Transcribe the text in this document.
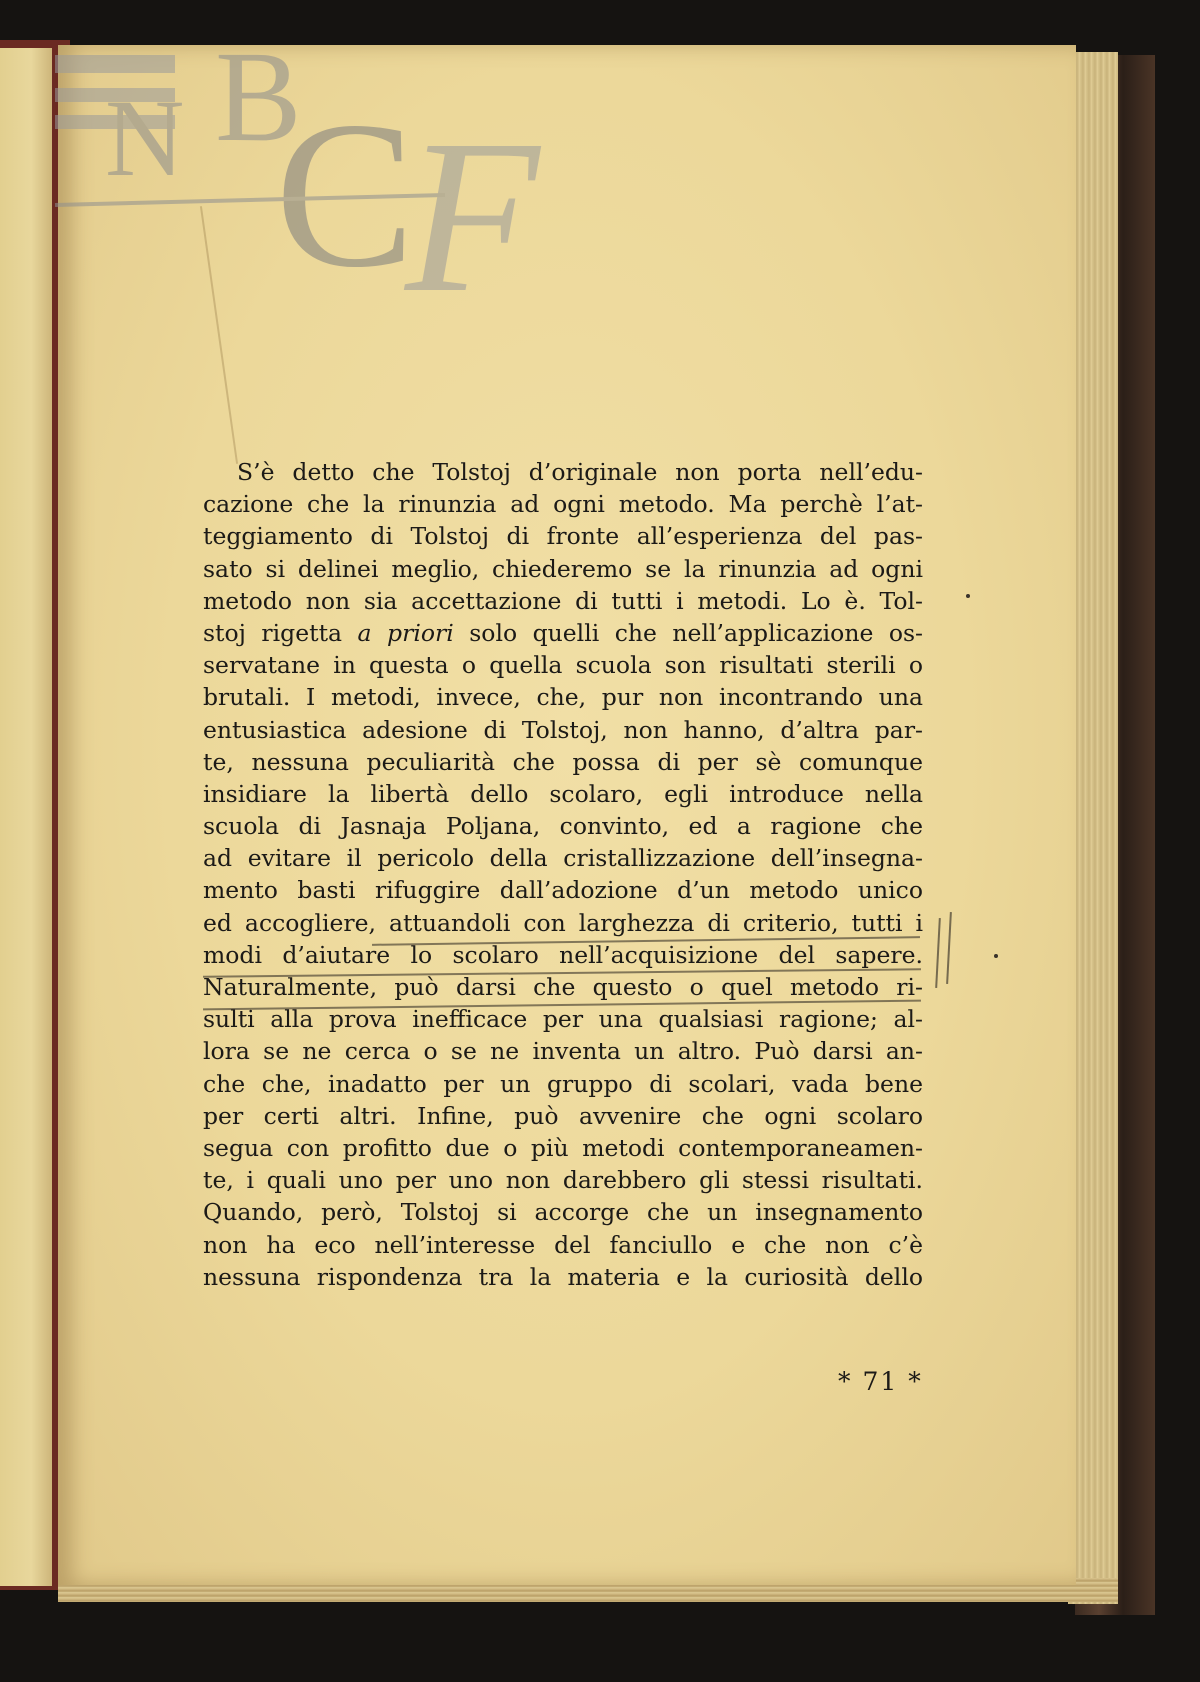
N B
C
F
S’è detto che Tolstoj d’originale non porta nell’edu-
cazione che la rinunzia ad ogni metodo. Ma perchè l’at-
teggiamento di Tolstoj di fronte all’esperienza del pas-
sato si delinei meglio, chiederemo se la rinunzia ad ogni
metodo non sia accettazione di tutti i metodi. Lo è. Tol-
stoj rigetta a priori solo quelli che nell’applicazione os-
servatane in questa o quella scuola son risultati sterili o
brutali. I metodi, invece, che, pur non incontrando una
entusiastica adesione di Tolstoj, non hanno, d’altra par-
te, nessuna peculiarità che possa di per sè comunque
insidiare la libertà dello scolaro, egli introduce nella
scuola di Jasnaja Poljana, convinto, ed a ragione che
ad evitare il pericolo della cristallizzazione dell’insegna-
mento basti rifuggire dall’adozione d’un metodo unico
ed accogliere, attuandoli con larghezza di criterio, tutti i
modi d’aiutare lo scolaro nell’acquisizione del sapere.
Naturalmente, può darsi che questo o quel metodo ri-
sulti alla prova inefficace per una qualsiasi ragione; al-
lora se ne cerca o se ne inventa un altro. Può darsi an-
che che, inadatto per un gruppo di scolari, vada bene
per certi altri. Infine, può avvenire che ogni scolaro
segua con profitto due o più metodi contemporaneamen-
te, i quali uno per uno non darebbero gli stessi risultati.
Quando, però, Tolstoj si accorge che un insegnamento
non ha eco nell’interesse del fanciullo e che non c’è
nessuna rispondenza tra la materia e la curiosità dello
* 71 *
